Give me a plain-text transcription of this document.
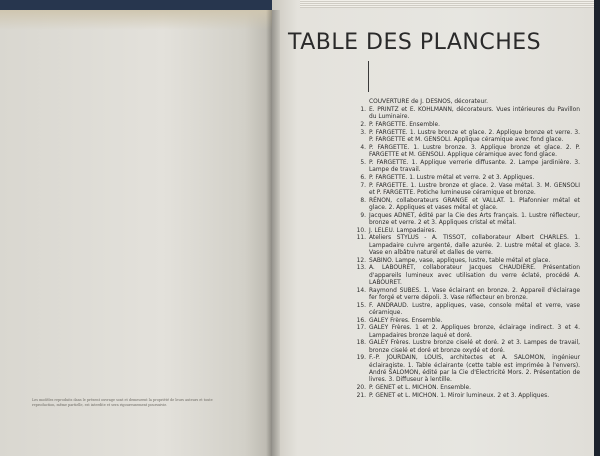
Les modèles reproduits dans le présent ouvrage sont et demeurent la propriété de leurs auteurs et toute reproduction, même partielle, est interdite et sera rigoureusement poursuivie.
TABLE DES PLANCHES
COUVERTURE de J. DESNOS, décorateur.
1. E. PRINTZ et E. KOHLMANN, décorateurs. Vues intérieures du Pavillon du Luminaire.
2. P. FARGETTE. Ensemble.
3. P. FARGETTE. 1. Lustre bronze et glace. 2. Applique bronze et verre. 3. P. FARGETTE et M. GENSOLI. Applique céramique avec fond glace.
4. P. FARGETTE. 1. Lustre bronze. 3. Applique bronze et glace. 2. P. FARGETTE et M. GENSOLI. Applique céramique avec fond glace.
5. P. FARGETTE. 1. Applique verrerie diffusante. 2. Lampe jardinière. 3. Lampe de travail.
6. P. FARGETTE. 1. Lustre métal et verre. 2 et 3. Appliques.
7. P. FARGETTE. 1. Lustre bronze et glace. 2. Vase métal. 3. M. GENSOLI et P. FARGETTE. Potiche lumineuse céramique et bronze.
8. RÉNON, collaborateurs GRANGE et VALLAT. 1. Plafonnier métal et glace. 2. Appliques et vases métal et glace.
9. Jacques ADNET, édité par la Cie des Arts français. 1. Lustre réflecteur, bronze et verre. 2 et 3. Appliques cristal et métal.
10. J. LELEU. Lampadaires.
11. Ateliers STYLUS - A. TISSOT, collaborateur Albert CHARLES. 1. Lampadaire cuivre argenté, dalle azurée. 2. Lustre métal et glace. 3. Vase en albâtre naturel et dalles de verre.
12. SABINO. Lampe, vase, appliques, lustre, table métal et glace.
13. A. LABOURET, collaborateur Jacques CHAUDIÈRE. Présentation d'appareils lumineux avec utilisation du verre éclaté, procédé A. LABOURET.
14. Raymond SUBES. 1. Vase éclairant en bronze. 2. Appareil d'éclairage fer forgé et verre dépoli. 3. Vase réflecteur en bronze.
15. F. ANDRAUD. Lustre, appliques, vase, console métal et verre, vase céramique.
16. GALEY Frères. Ensemble.
17. GALEY Frères. 1 et 2. Appliques bronze, éclairage indirect. 3 et 4. Lampadaires bronze laqué et doré.
18. GALEY Frères. Lustre bronze ciselé et doré. 2 et 3. Lampes de travail, bronze ciselé et doré et bronze oxydé et doré.
19. F.-P. JOURDAIN, LOUIS, architectes et A. SALOMON, ingénieur éclairagiste. 1. Table éclairante (cette table est imprimée à l'envers). André SALOMON, édité par la Cie d'Electricité Mors. 2. Présentation de livres. 3. Diffuseur à lentille.
20. P. GENET et L. MICHON. Ensemble.
21. P. GENET et L. MICHON. 1. Miroir lumineux. 2 et 3. Appliques.
